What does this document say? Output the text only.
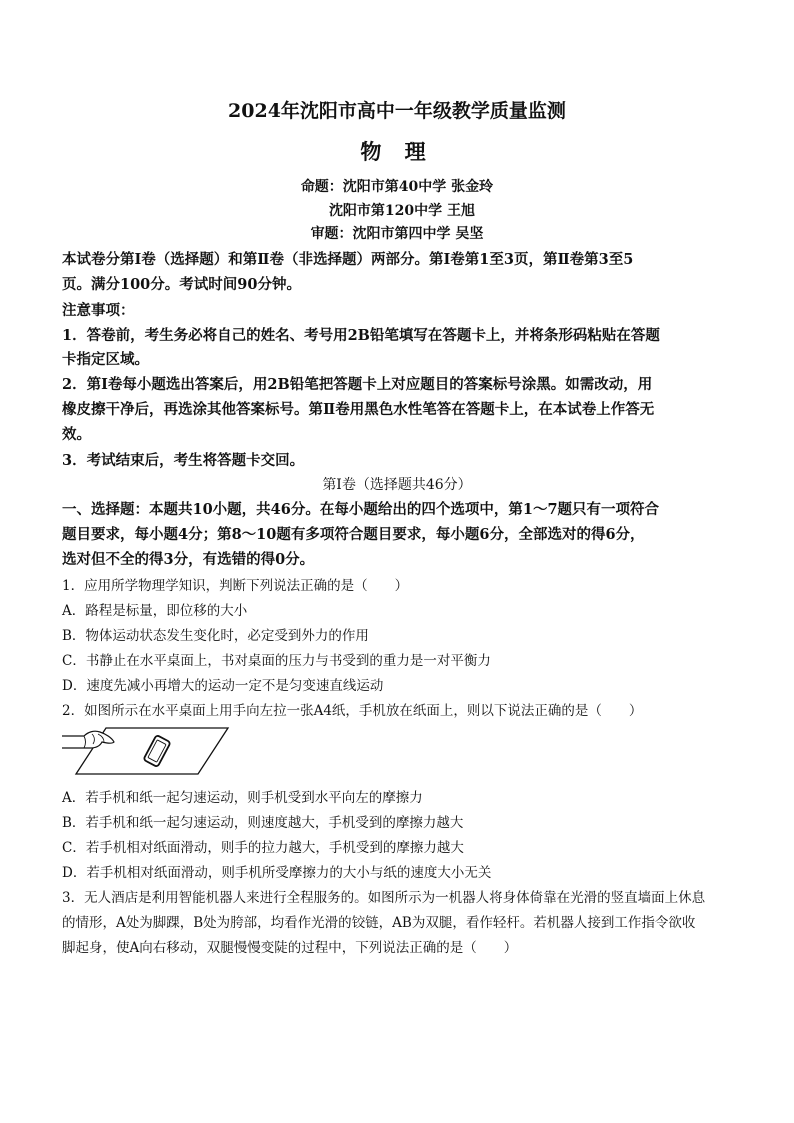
2024年沈阳市高中一年级教学质量监测
物 理
命题：沈阳市第40中学 张金玲
沈阳市第120中学 王旭
审题：沈阳市第四中学 吴坚
本试卷分第Ⅰ卷（选择题）和第Ⅱ卷（非选择题）两部分。第Ⅰ卷第1至3页，第Ⅱ卷第3至5
页。满分100分。考试时间90分钟。
注意事项：
1．答卷前，考生务必将自己的姓名、考号用2B铅笔填写在答题卡上，并将条形码粘贴在答题
卡指定区域。
2．第Ⅰ卷每小题选出答案后，用2B铅笔把答题卡上对应题目的答案标号涂黑。如需改动，用
橡皮擦干净后，再选涂其他答案标号。第Ⅱ卷用黑色水性笔答在答题卡上，在本试卷上作答无
效。
3．考试结束后，考生将答题卡交回。
第Ⅰ卷（选择题共46分）
一、选择题：本题共10小题，共46分。在每小题给出的四个选项中，第1～7题只有一项符合
题目要求，每小题4分；第8～10题有多项符合题目要求，每小题6分，全部选对的得6分，
选对但不全的得3分，有选错的得0分。
1．应用所学物理学知识，判断下列说法正确的是（　　）
A．路程是标量，即位移的大小
B．物体运动状态发生变化时，必定受到外力的作用
C．书静止在水平桌面上，书对桌面的压力与书受到的重力是一对平衡力
D．速度先减小再增大的运动一定不是匀变速直线运动
2．如图所示在水平桌面上用手向左拉一张A4纸，手机放在纸面上，则以下说法正确的是（　　）
A．若手机和纸一起匀速运动，则手机受到水平向左的摩擦力
B．若手机和纸一起匀速运动，则速度越大，手机受到的摩擦力越大
C．若手机相对纸面滑动，则手的拉力越大，手机受到的摩擦力越大
D．若手机相对纸面滑动，则手机所受摩擦力的大小与纸的速度大小无关
3．无人酒店是利用智能机器人来进行全程服务的。如图所示为一机器人将身体倚靠在光滑的竖直墙面上休息
的情形，A处为脚踝，B处为胯部，均看作光滑的铰链，AB为双腿，看作轻杆。若机器人接到工作指令欲收
脚起身，使A向右移动，双腿慢慢变陡的过程中，下列说法正确的是（　　）
